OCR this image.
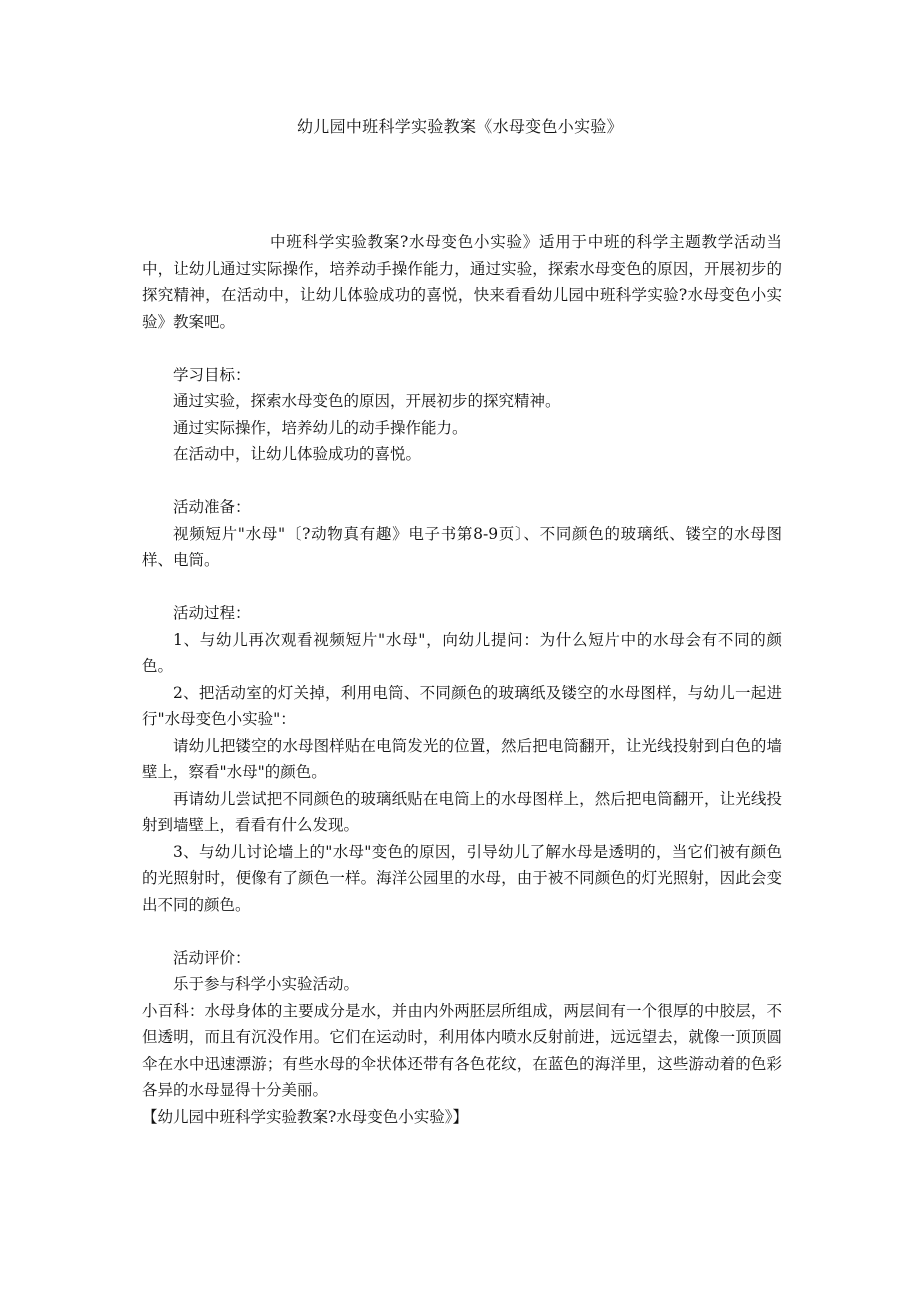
幼儿园中班科学实验教案《水母变色小实验》

中班科学实验教案?水母变色小实验》适用于中班的科学主题教学活动当中，让幼儿通过实际操作，培养动手操作能力，通过实验，探索水母变色的原因，开展初步的探究精神，在活动中，让幼儿体验成功的喜悦，快来看看幼儿园中班科学实验?水母变色小实验》教案吧。

学习目标：

通过实验，探索水母变色的原因，开展初步的探究精神。

通过实际操作，培养幼儿的动手操作能力。

在活动中，让幼儿体验成功的喜悦。

活动准备：

视频短片"水母"〔?动物真有趣》电子书第8-9页〕、不同颜色的玻璃纸、镂空的水母图样、电筒。

活动过程：

1、与幼儿再次观看视频短片"水母"，向幼儿提问：为什么短片中的水母会有不同的颜色。

2、把活动室的灯关掉，利用电筒、不同颜色的玻璃纸及镂空的水母图样，与幼儿一起进行"水母变色小实验"：

请幼儿把镂空的水母图样贴在电筒发光的位置，然后把电筒翻开，让光线投射到白色的墙壁上，察看"水母"的颜色。

再请幼儿尝试把不同颜色的玻璃纸贴在电筒上的水母图样上，然后把电筒翻开，让光线投射到墙壁上，看看有什么发现。

3、与幼儿讨论墙上的"水母"变色的原因，引导幼儿了解水母是透明的，当它们被有颜色的光照射时，便像有了颜色一样。海洋公园里的水母，由于被不同颜色的灯光照射，因此会变出不同的颜色。

活动评价：

乐于参与科学小实验活动。

小百科：水母身体的主要成分是水，并由内外两胚层所组成，两层间有一个很厚的中胶层，不但透明，而且有沉没作用。它们在运动时，利用体内喷水反射前进，远远望去，就像一顶顶圆伞在水中迅速漂游；有些水母的伞状体还带有各色花纹，在蓝色的海洋里，这些游动着的色彩各异的水母显得十分美丽。

【幼儿园中班科学实验教案?水母变色小实验》】
